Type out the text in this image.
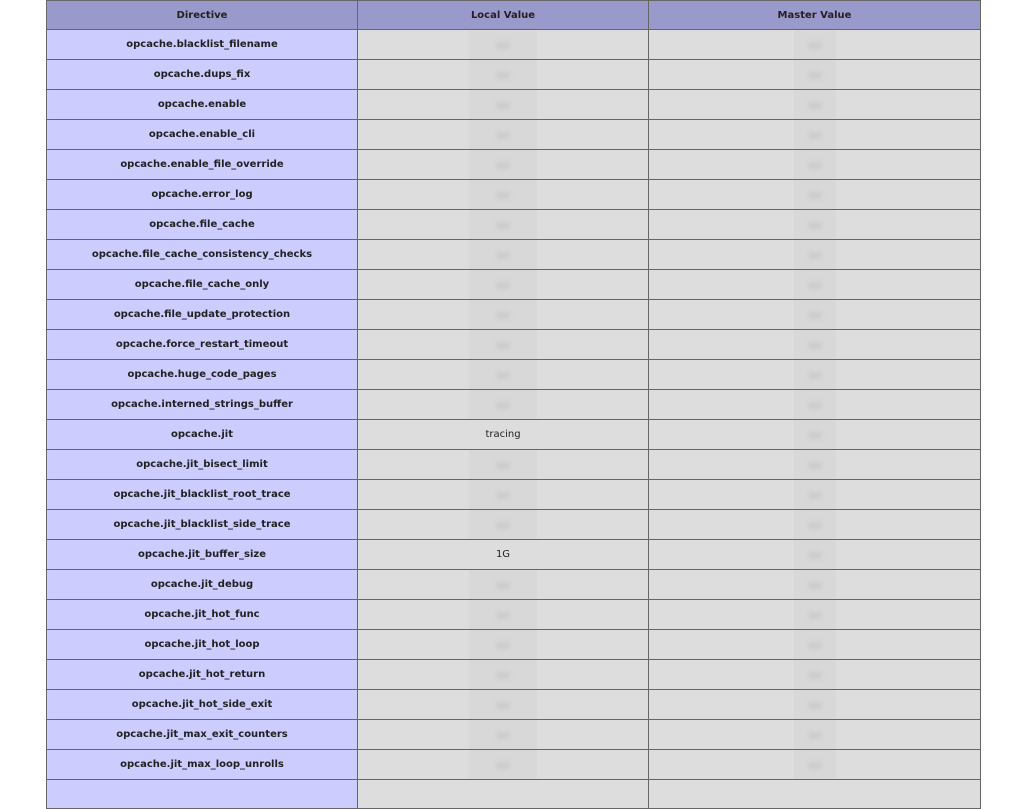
Directive	Local Value	Master Value
opcache.blacklist_filename		
opcache.dups_fix		
opcache.enable		
opcache.enable_cli		
opcache.enable_file_override		
opcache.error_log		
opcache.file_cache		
opcache.file_cache_consistency_checks		
opcache.file_cache_only		
opcache.file_update_protection		
opcache.force_restart_timeout		
opcache.huge_code_pages		
opcache.interned_strings_buffer		
opcache.jit	tracing	
opcache.jit_bisect_limit		
opcache.jit_blacklist_root_trace		
opcache.jit_blacklist_side_trace		
opcache.jit_buffer_size	1G	
opcache.jit_debug		
opcache.jit_hot_func		
opcache.jit_hot_loop		
opcache.jit_hot_return		
opcache.jit_hot_side_exit		
opcache.jit_max_exit_counters		
opcache.jit_max_loop_unrolls		
